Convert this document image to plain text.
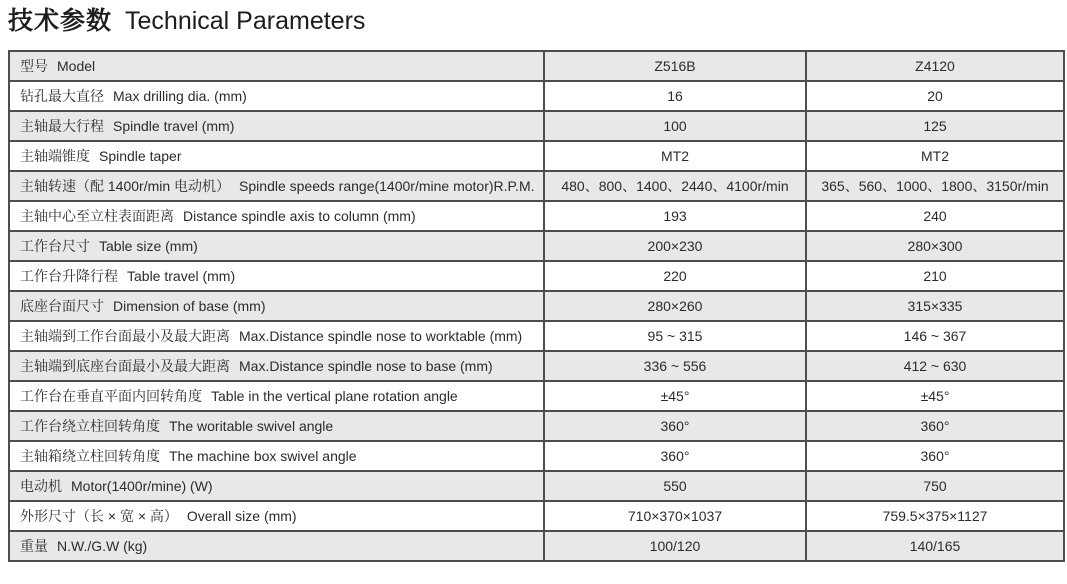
技术参数 Technical Parameters
型号 Model	Z516B	Z4120
钻孔最大直径 Max drilling dia. (mm)	16	20
主轴最大行程 Spindle travel (mm)	100	125
主轴端锥度 Spindle taper	MT2	MT2
主轴转速（配 1400r/min 电动机） Spindle speeds range(1400r/mine motor)R.P.M.	480、800、1400、2440、4100r/min	365、560、1000、1800、3150r/min
主轴中心至立柱表面距离 Distance spindle axis to column (mm)	193	240
工作台尺寸 Table size (mm)	200×230	280×300
工作台升降行程 Table travel (mm)	220	210
底座台面尺寸 Dimension of base (mm)	280×260	315×335
主轴端到工作台面最小及最大距离 Max.Distance spindle nose to worktable (mm)	95 ~ 315	146 ~ 367
主轴端到底座台面最小及最大距离 Max.Distance spindle nose to base (mm)	336 ~ 556	412 ~ 630
工作台在垂直平面内回转角度 Table in the vertical plane rotation angle	±45°	±45°
工作台绕立柱回转角度 The woritable swivel angle	360°	360°
主轴箱绕立柱回转角度 The machine box swivel angle	360°	360°
电动机 Motor(1400r/mine) (W)	550	750
外形尺寸（长 × 宽 × 高） Overall size (mm)	710×370×1037	759.5×375×1127
重量 N.W./G.W (kg)	100/120	140/165
